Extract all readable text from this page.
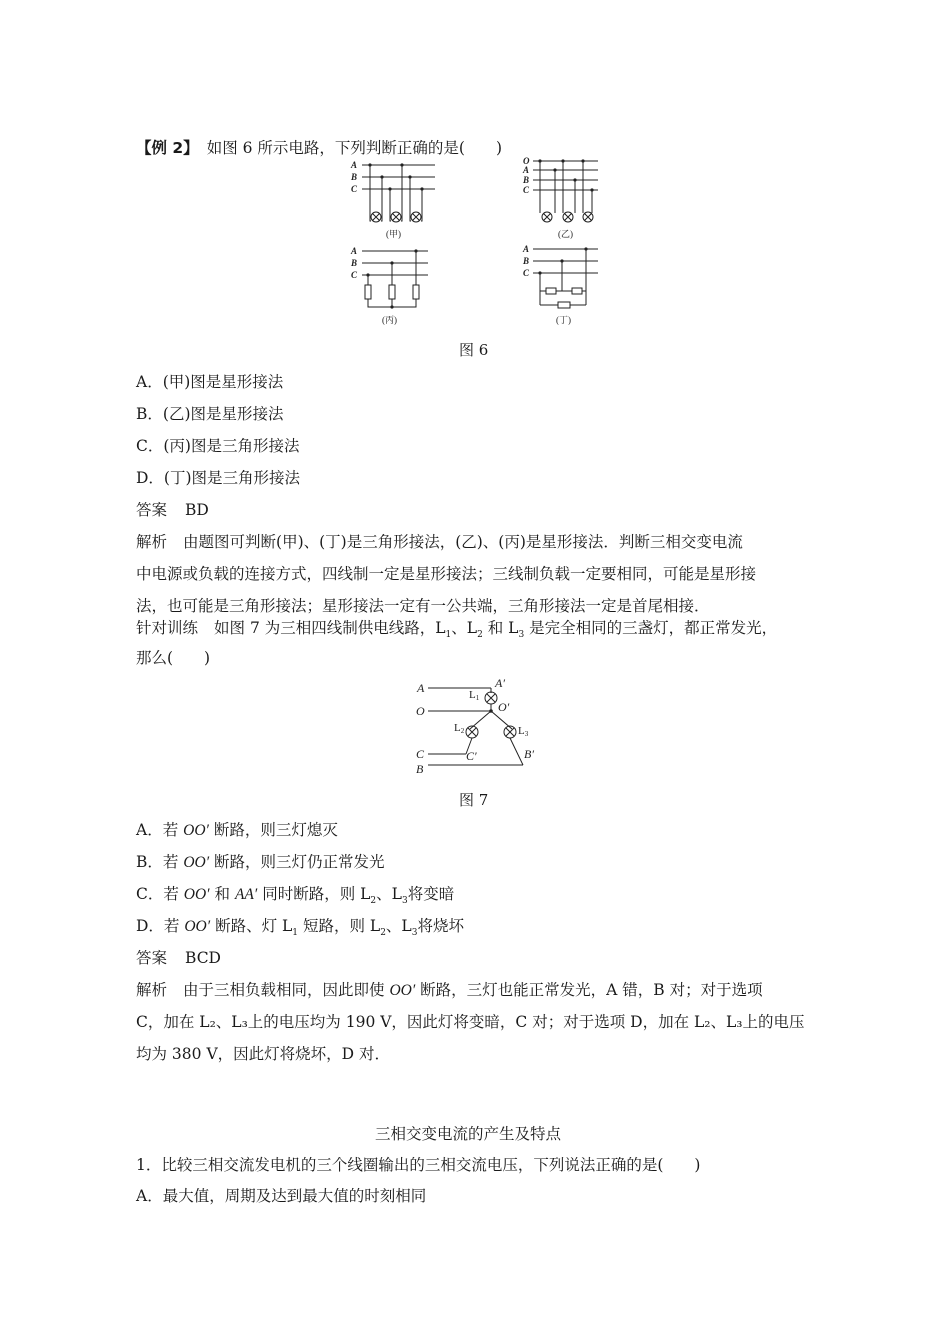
【例 2】 如图 6 所示电路，下列判断正确的是(　　)
A
B
C
O
A
B
C
A
B
C
A
B
C
(甲)	(乙)
(丙)	(丁)
图 6
A．(甲)图是星形接法
B．(乙)图是星形接法
C．(丙)图是三角形接法
D．(丁)图是三角形接法
答案 BD
解析 由题图可判断(甲)、(丁)是三角形接法，(乙)、(丙)是星形接法．判断三相交变电流
中电源或负载的连接方式，四线制一定是星形接法；三线制负载一定要相同，可能是星形接
法，也可能是三角形接法；星形接法一定有一公共端，三角形接法一定是首尾相接．
针对训练 如图 7 为三相四线制供电线路，$L_1$、$L_2$ 和 $L_3$ 是完全相同的三盏灯，都正常发光，
那么(　　)
A
O
C
B
A′
O′
C′	B′
L1
L2	L3
图 7
A．若 OO′ 断路，则三灯熄灭
B．若 OO′ 断路，则三灯仍正常发光
C．若 OO′ 和 AA′ 同时断路，则 $L_2$、$L_3$将变暗
D．若 OO′ 断路、灯 $L_1$ 短路，则 $L_2$、$L_3$将烧坏
答案 BCD
解析 由于三相负载相同，因此即使 OO′ 断路，三灯也能正常发光，A 错，B 对；对于选项
C，加在 L₂、L₃上的电压均为 190 V，因此灯将变暗，C 对；对于选项 D，加在 L₂、L₃上的电压
均为 380 V，因此灯将烧坏，D 对．
三相交变电流的产生及特点
1．比较三相交流发电机的三个线圈输出的三相交流电压，下列说法正确的是(　　)
A．最大值，周期及达到最大值的时刻相同
